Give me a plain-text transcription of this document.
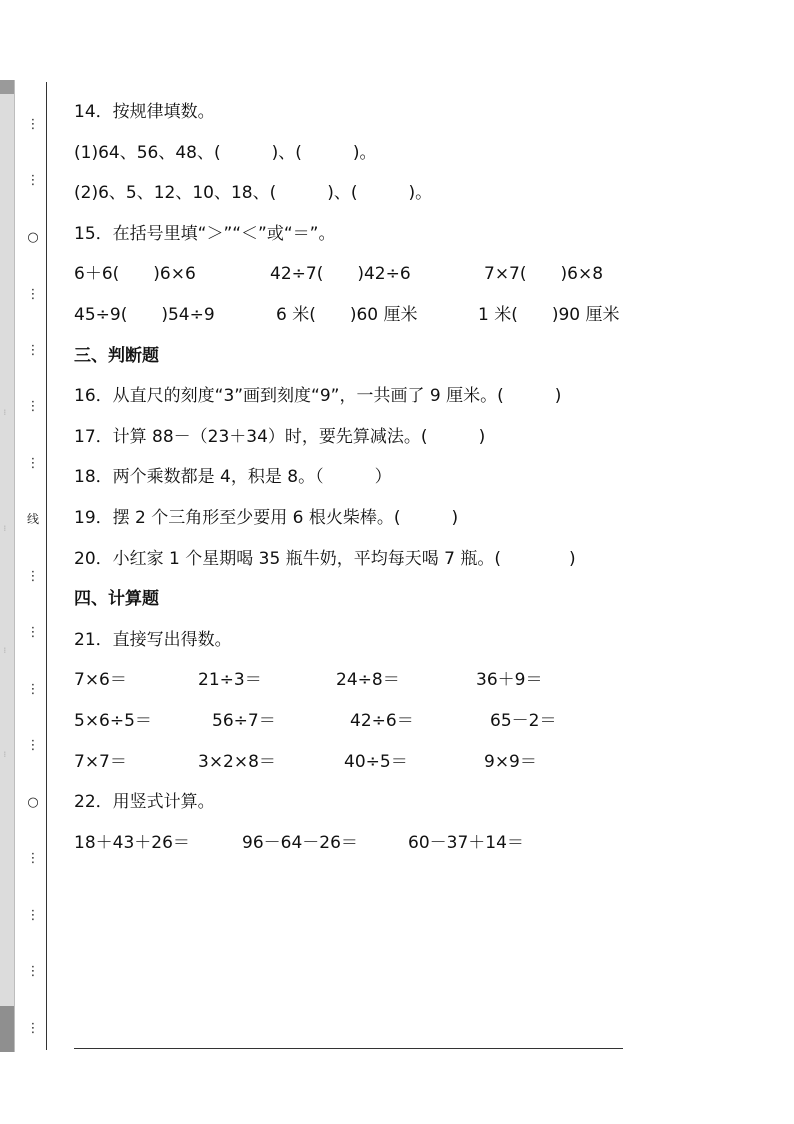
⋮
⋮
⋮
⋮
⋮
⋮
○
⋮
⋮
⋮
⋮
线
⋮
⋮
⋮
⋮
○
⋮
⋮
⋮
⋮
14．按规律填数。
(1)64、56、48、(　　　)、(　　　)。
(2)6、5、12、10、18、(　　　)、(　　　)。
15．在括号里填“＞”“＜”或“＝”。
6＋6(　　)6×6	42÷7(　　)42÷6	7×7(　　)6×8
45÷9(　　)54÷9	6 米(　　)60 厘米	1 米(　　)90 厘米
三、判断题
16．从直尺的刻度“3”画到刻度“9”，一共画了 9 厘米。(　　　)
17．计算 88－（23＋34）时，要先算减法。(　　　)
18．两个乘数都是 4，积是 8。（　　　）
19．摆 2 个三角形至少要用 6 根火柴棒。(　　　)
20．小红家 1 个星期喝 35 瓶牛奶，平均每天喝 7 瓶。(　　　　)
四、计算题
21．直接写出得数。
7×6＝	21÷3＝	24÷8＝	36＋9＝
5×6÷5＝	56÷7＝	42÷6＝	65－2＝
7×7＝	3×2×8＝	40÷5＝	9×9＝
22．用竖式计算。
18＋43＋26＝	96－64－26＝	60－37＋14＝
